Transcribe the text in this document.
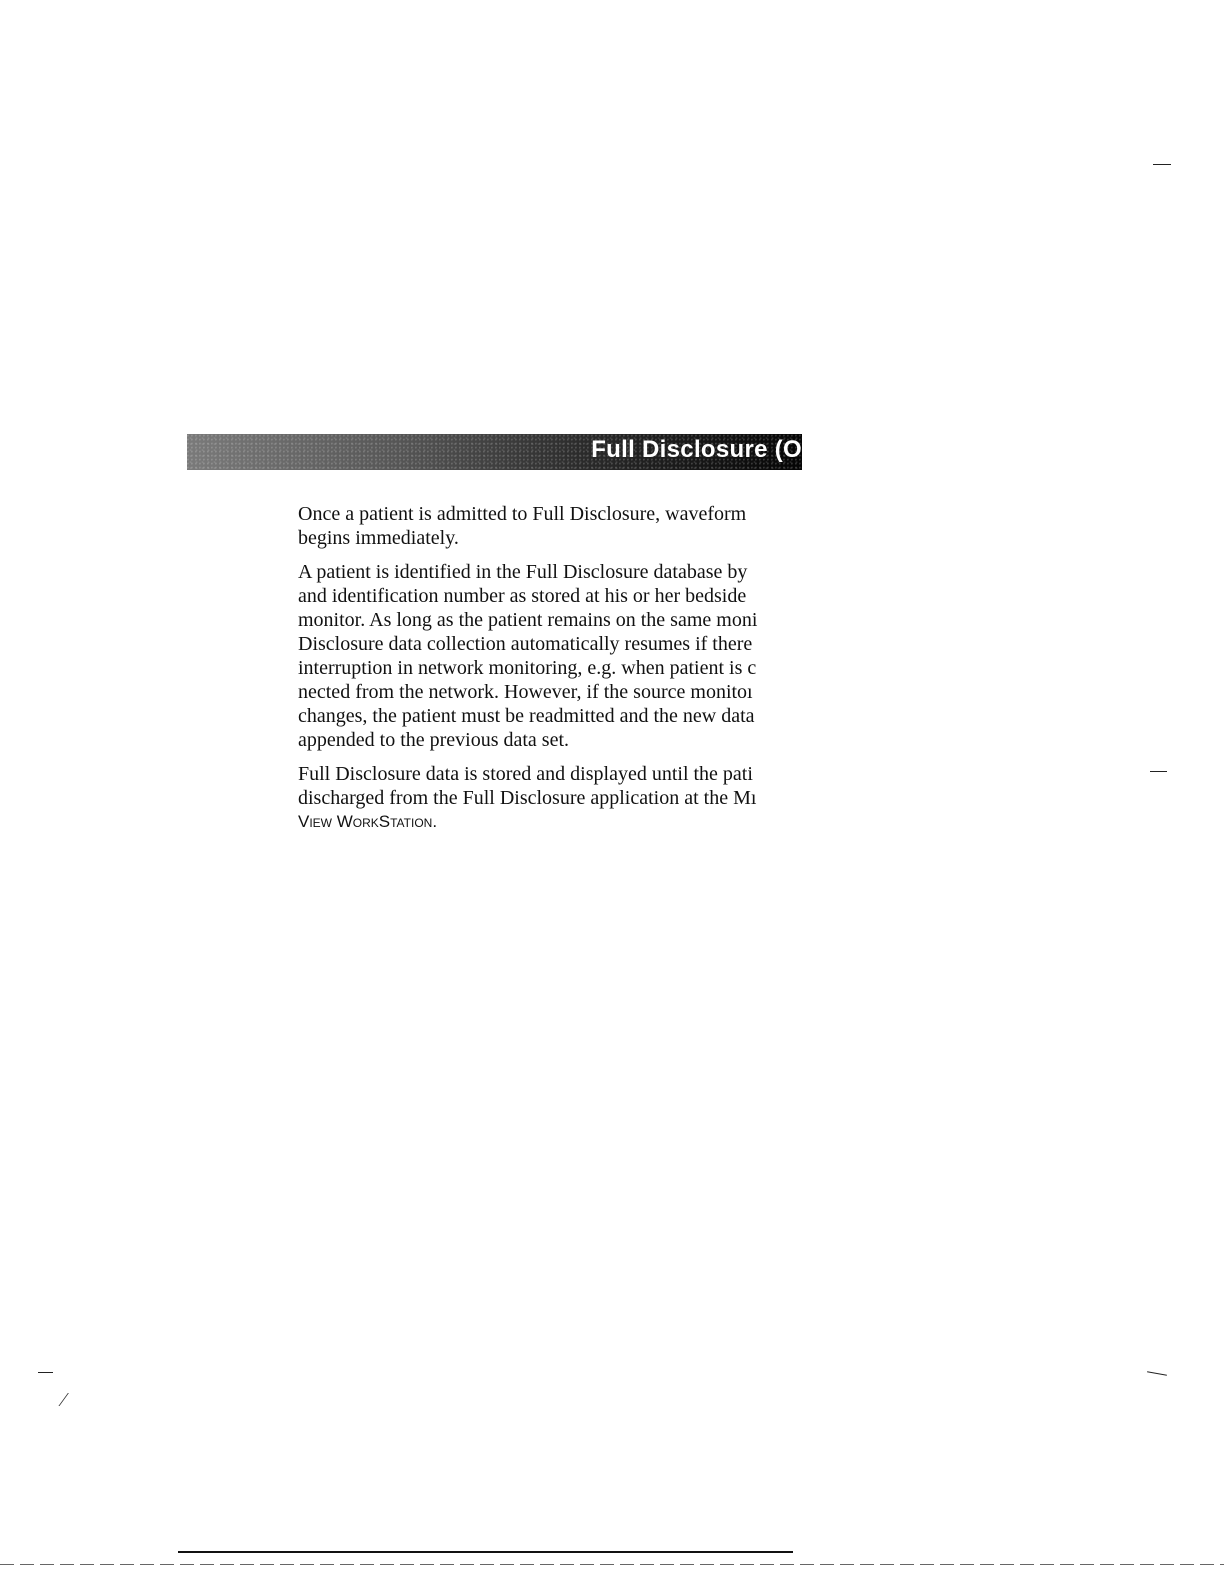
Full Disclosure (O

Once a patient is admitted to Full Disclosure, waveform
begins immediately.

A patient is identified in the Full Disclosure database by
and identification number as stored at his or her bedside
monitor. As long as the patient remains on the same moni
Disclosure data collection automatically resumes if there
interruption in network monitoring, e.g. when patient is c
nected from the network. However, if the source monitoı
changes, the patient must be readmitted and the new data
appended to the previous data set.

Full Disclosure data is stored and displayed until the pati
discharged from the Full Disclosure application at the Mı

View WorkStation.

⁄
